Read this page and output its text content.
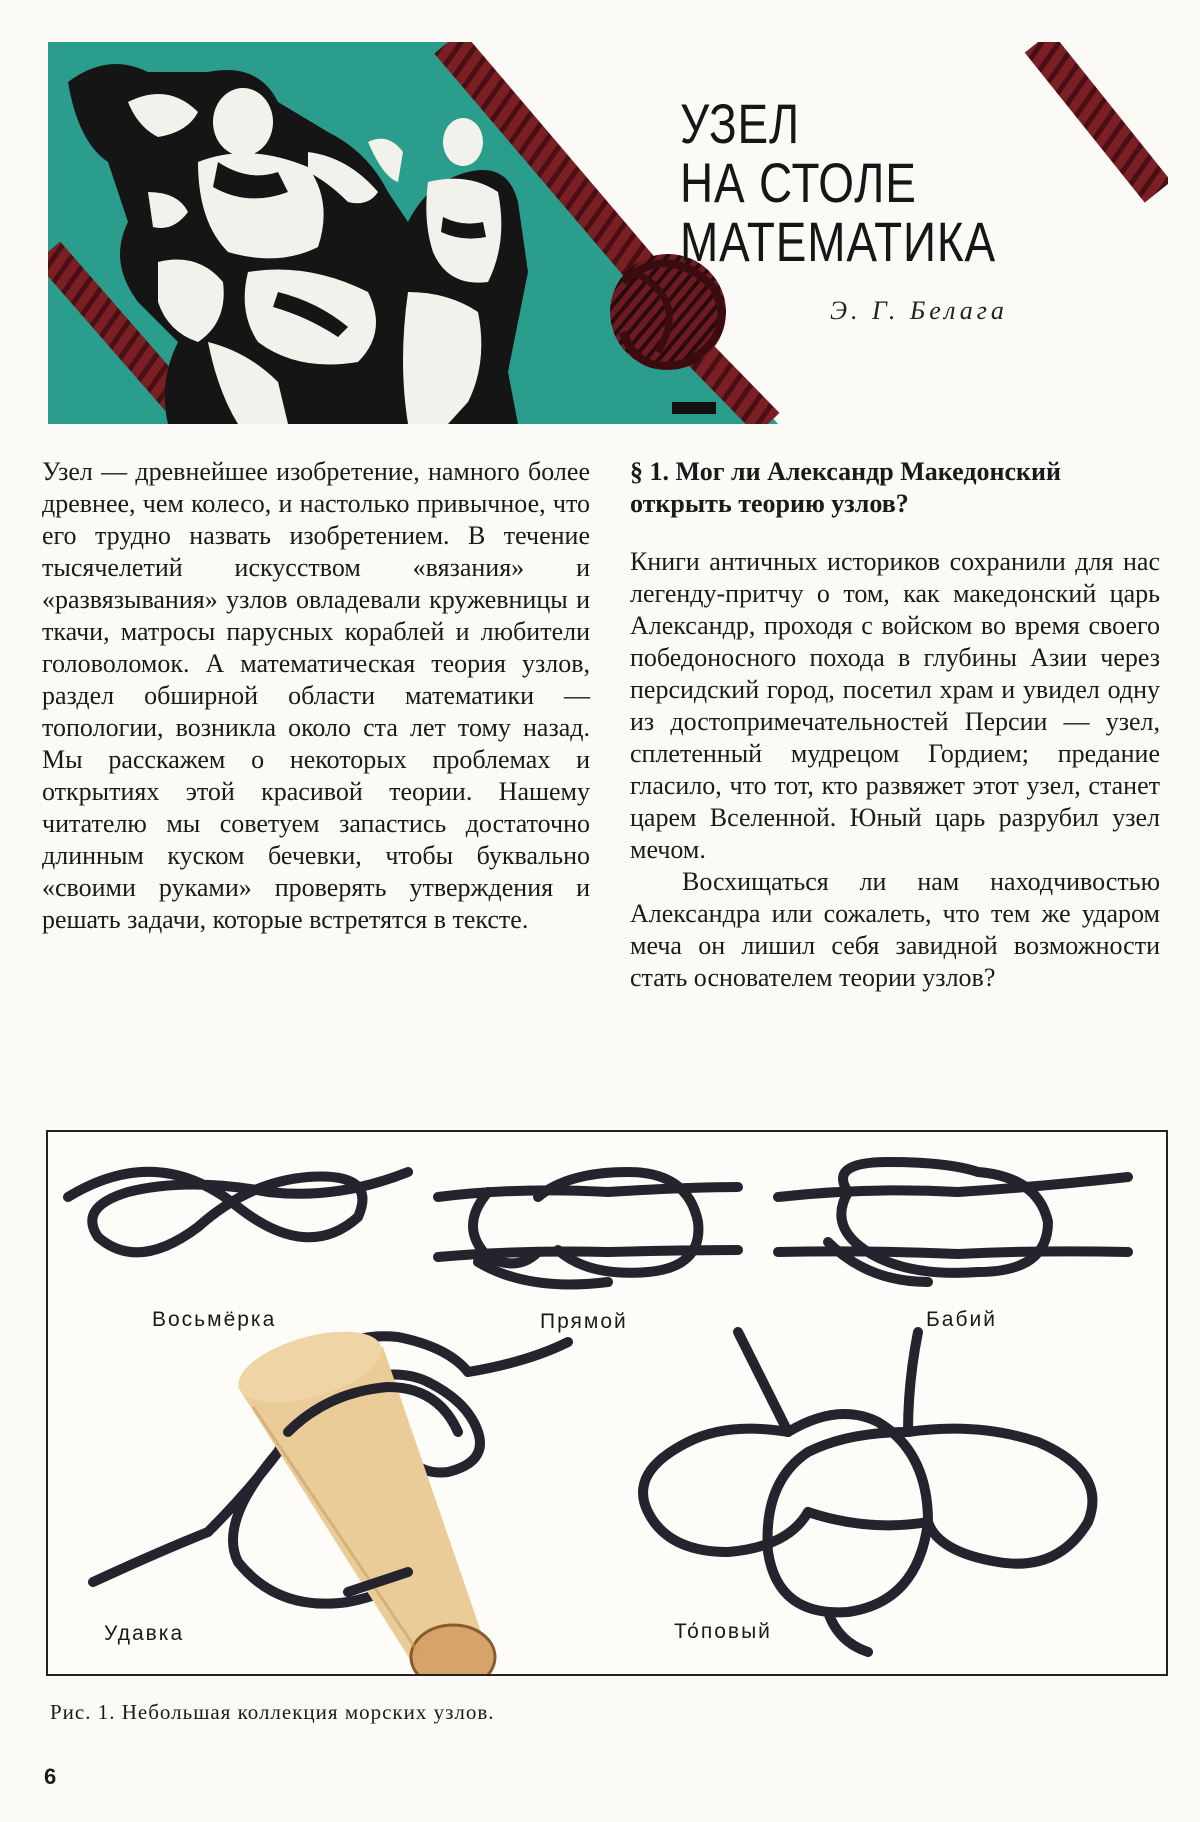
УЗЕЛ
НА СТОЛЕ
МАТЕМАТИКА
Э. Г. Белага

Узел — древнейшее изобретение, намного более древнее, чем колесо, и настолько привычное, что его трудно назвать изобретением. В течение тысячелетий искусством «вязания» и «развязывания» узлов овладевали кружевницы и ткачи, матросы парусных кораблей и любители головоломок. А математическая теория узлов, раздел обширной области математики — топологии, возникла около ста лет тому назад. Мы расскажем о некоторых проблемах и открытиях этой красивой теории. Нашему читателю мы советуем запастись достаточно длинным куском бечевки, чтобы буквально «своими руками» проверять утверждения и решать задачи, которые встретятся в тексте.

§ 1. Мог ли Александр Македонский открыть теорию узлов?

Книги античных историков сохранили для нас легенду-притчу о том, как македонский царь Александр, проходя с войском во время своего победоносного похода в глубины Азии через персидский город, посетил храм и увидел одну из достопримечательностей Персии — узел, сплетенный мудрецом Гордием; предание гласило, что тот, кто развяжет этот узел, станет царем Вселенной. Юный царь разрубил узел мечом.

Восхищаться ли нам находчивостью Александра или сожалеть, что тем же ударом меча он лишил себя завидной возможности стать основателем теории узлов?

Восьмёрка	Прямой	Бабий
Удавка	То́повый
Рис. 1. Небольшая коллекция морских узлов.
6
